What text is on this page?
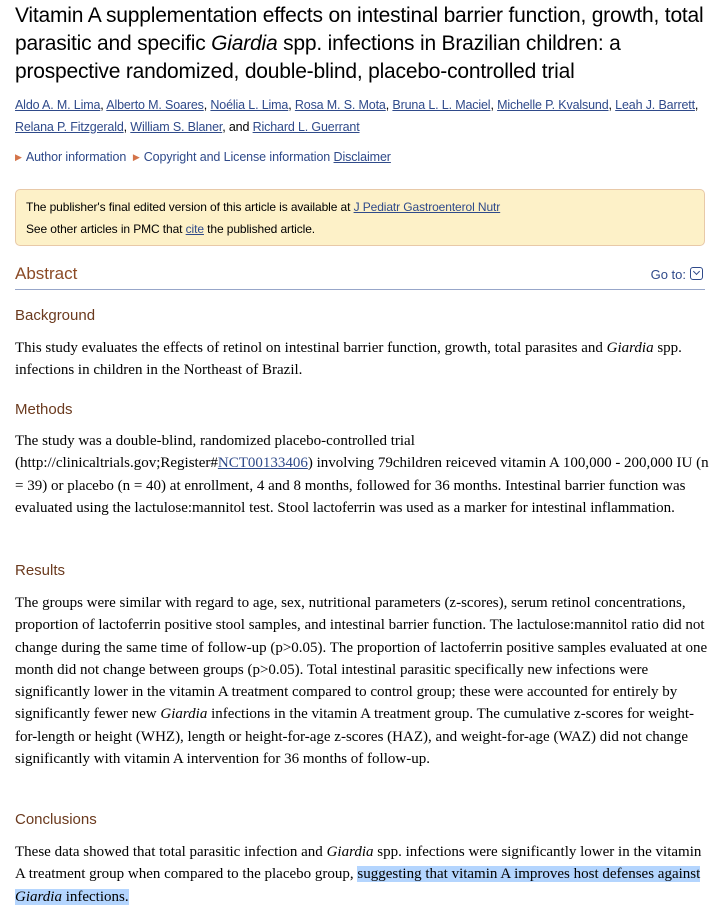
Vitamin A supplementation effects on intestinal barrier function, growth, total parasitic and specific Giardia spp. infections in Brazilian children: a prospective randomized, double-blind, placebo-controlled trial
Aldo A. M. Lima, Alberto M. Soares, Noélia L. Lima, Rosa M. S. Mota, Bruna L. L. Maciel, Michelle P. Kvalsund, Leah J. Barrett, Relana P. Fitzgerald, William S. Blaner, and Richard L. Guerrant
▶ Author information ▶ Copyright and License information Disclaimer
The publisher's final edited version of this article is available at J Pediatr Gastroenterol Nutr
See other articles in PMC that cite the published article.
Abstract	Go to:
Background
This study evaluates the effects of retinol on intestinal barrier function, growth, total parasites and Giardia spp. infections in children in the Northeast of Brazil.
Methods
The study was a double-blind, randomized placebo-controlled trial (http://clinicaltrials.gov;Register#NCT00133406) involving 79children reiceved vitamin A 100,000 - 200,000 IU (n = 39) or placebo (n = 40) at enrollment, 4 and 8 months, followed for 36 months. Intestinal barrier function was evaluated using the lactulose:mannitol test. Stool lactoferrin was used as a marker for intestinal inflammation.
Results
The groups were similar with regard to age, sex, nutritional parameters (z-scores), serum retinol concentrations, proportion of lactoferrin positive stool samples, and intestinal barrier function. The lactulose:mannitol ratio did not change during the same time of follow-up (p>0.05). The proportion of lactoferrin positive samples evaluated at one month did not change between groups (p>0.05). Total intestinal parasitic specifically new infections were significantly lower in the vitamin A treatment compared to control group; these were accounted for entirely by significantly fewer new Giardia infections in the vitamin A treatment group. The cumulative z-scores for weight-for-length or height (WHZ), length or height-for-age z-scores (HAZ), and weight-for-age (WAZ) did not change significantly with vitamin A intervention for 36 months of follow-up.
Conclusions
These data showed that total parasitic infection and Giardia spp. infections were significantly lower in the vitamin A treatment group when compared to the placebo group, suggesting that vitamin A improves host defenses against Giardia infections.
